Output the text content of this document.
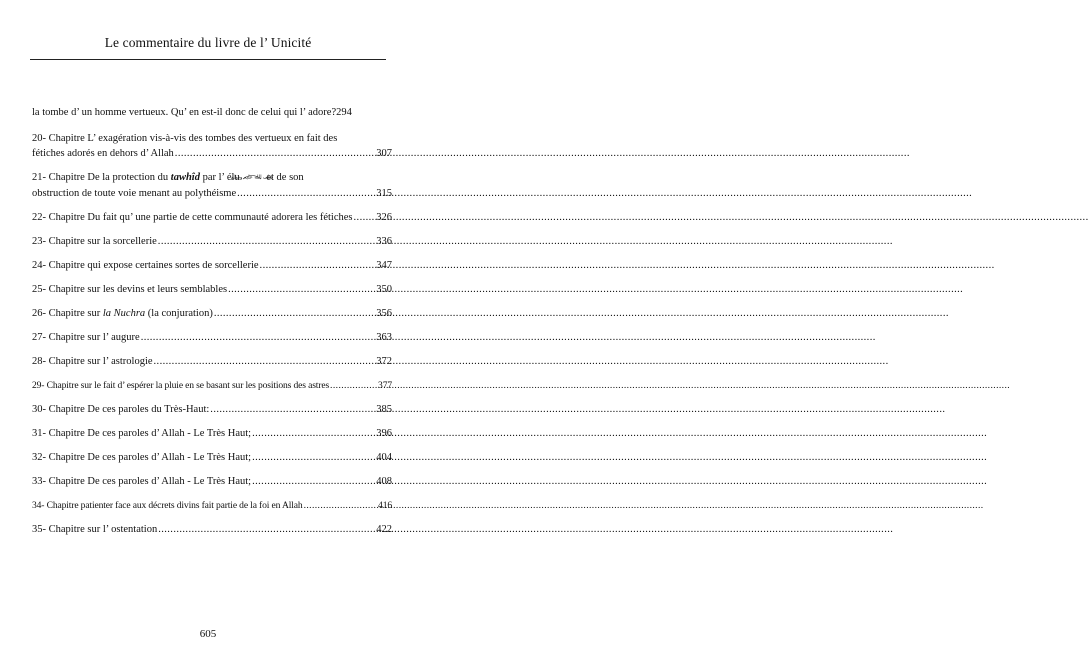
Le commentaire du livre de l’ Unicité
la tombe d’ un homme vertueux. Qu’ en est-il donc de celui qui l’ adore? 294
20- Chapitre L’ exagération vis-à-vis des tombes des vertueux en fait des
fétiches adorés en dehors d’ Allah .....	307
21- Chapitre De la protection du tawhîd par l’ élu
صلى الله عليه وسلم
et de son
obstruction de toute voie menant au polythéisme .....	315
22- Chapitre Du fait qu’ une partie de cette communauté adorera les fétiches ..... 326
23- Chapitre sur la sorcellerie .....	336
24- Chapitre qui expose certaines sortes de sorcellerie .....	347
25- Chapitre sur les devins et leurs semblables .....	350
26- Chapitre sur la Nuchra (la conjuration) .....	356
27- Chapitre sur l’ augure .....	363
28- Chapitre sur l’ astrologie .....	372
29- Chapitre sur le fait d’ espérer la pluie en se basant sur les positions des astres .....	377
30- Chapitre De ces paroles du Très-Haut: .....	385
31- Chapitre De ces paroles d’ Allah - Le Très Haut; .....	396
32- Chapitre De ces paroles d’ Allah - Le Très Haut; .....	404
33- Chapitre De ces paroles d’ Allah - Le Très Haut; .....	408
34- Chapitre patienter face aux décrets divins fait partie de la foi en Allah .....	416
35- Chapitre sur l’ ostentation .....	422
605
